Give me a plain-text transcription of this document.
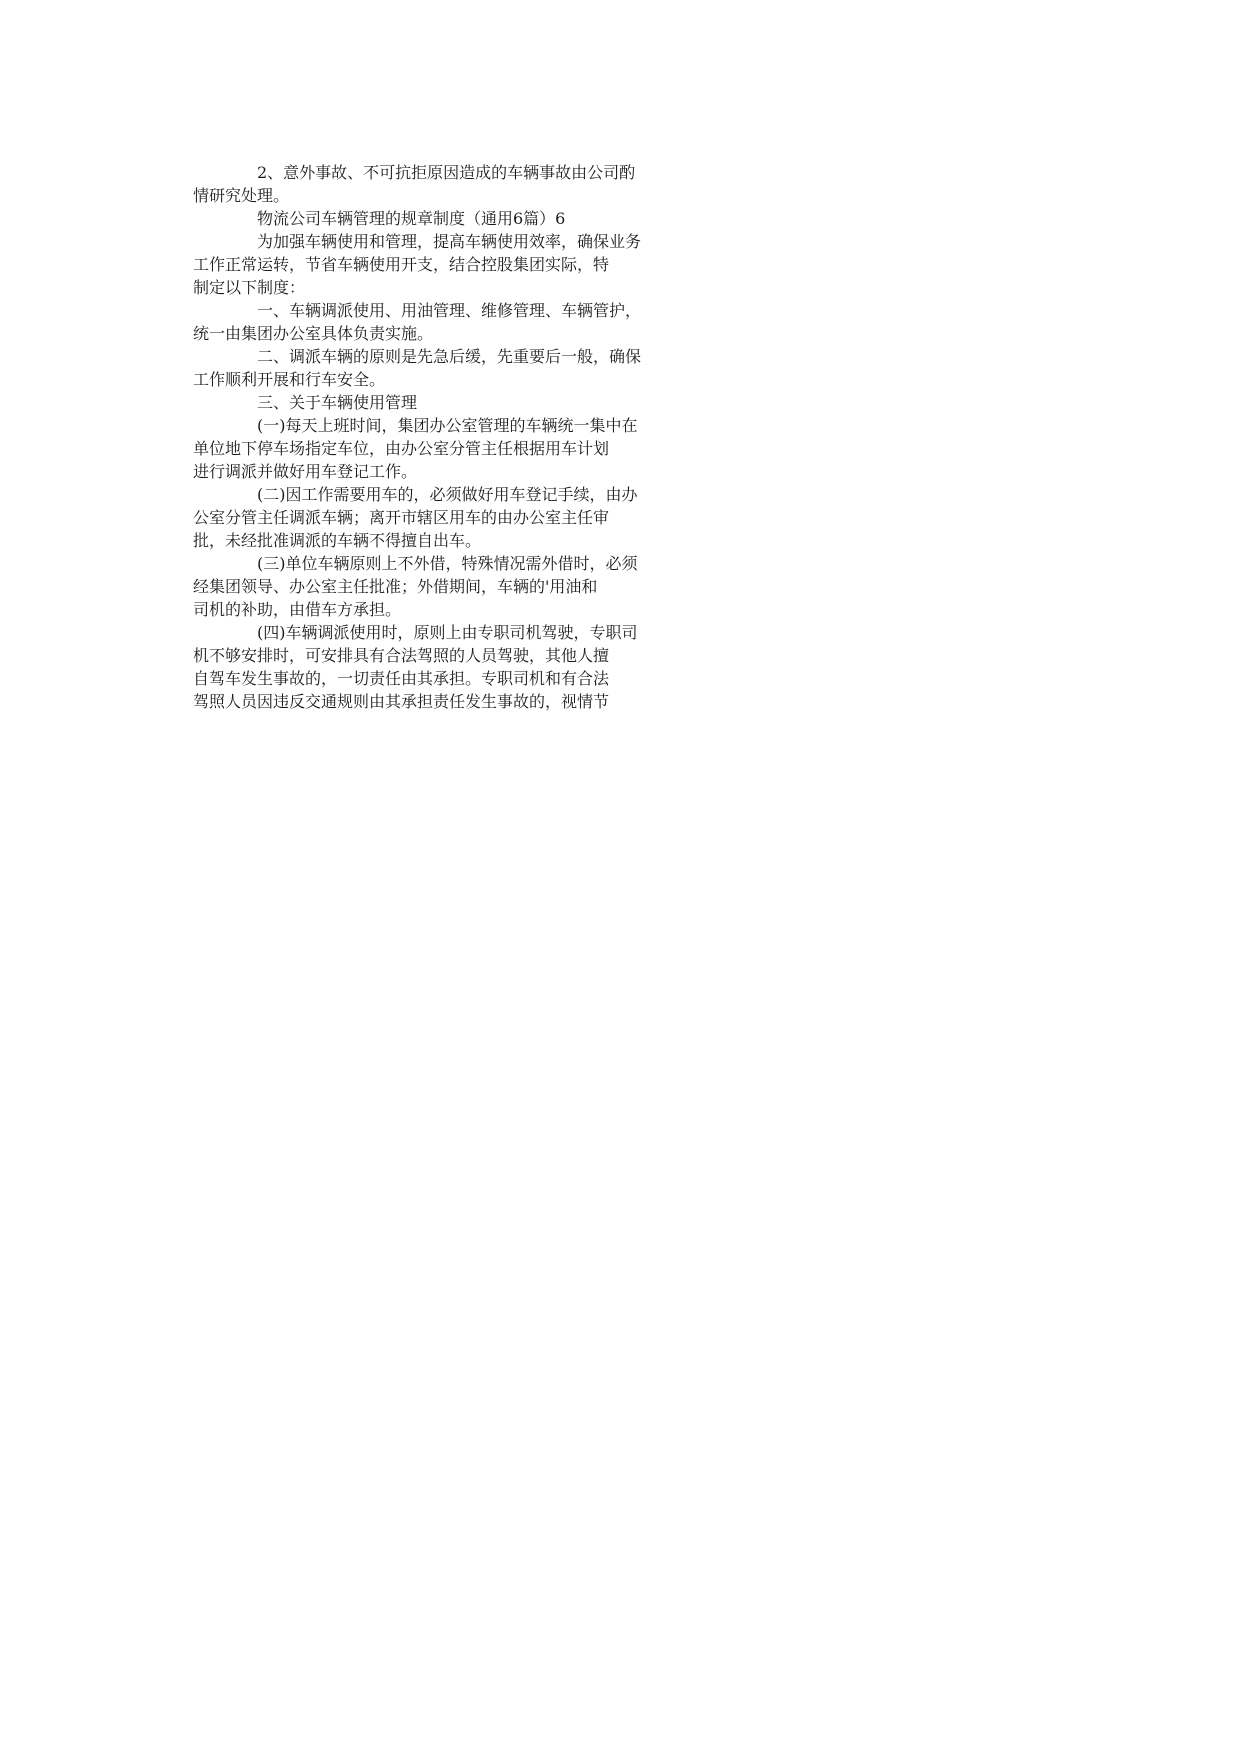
2、意外事故、不可抗拒原因造成的车辆事故由公司酌
情研究处理。
物流公司车辆管理的规章制度（通用6篇）6
为加强车辆使用和管理，提高车辆使用效率，确保业务
工作正常运转，节省车辆使用开支，结合控股集团实际，特
制定以下制度：
一、车辆调派使用、用油管理、维修管理、车辆管护，
统一由集团办公室具体负责实施。
二、调派车辆的原则是先急后缓，先重要后一般，确保
工作顺利开展和行车安全。
三、关于车辆使用管理
(一)每天上班时间，集团办公室管理的车辆统一集中在
单位地下停车场指定车位，由办公室分管主任根据用车计划
进行调派并做好用车登记工作。
(二)因工作需要用车的，必须做好用车登记手续，由办
公室分管主任调派车辆；离开市辖区用车的由办公室主任审
批，未经批准调派的车辆不得擅自出车。
(三)单位车辆原则上不外借，特殊情况需外借时，必须
经集团领导、办公室主任批准；外借期间，车辆的'用油和
司机的补助，由借车方承担。
(四)车辆调派使用时，原则上由专职司机驾驶，专职司
机不够安排时，可安排具有合法驾照的人员驾驶，其他人擅
自驾车发生事故的，一切责任由其承担。专职司机和有合法
驾照人员因违反交通规则由其承担责任发生事故的，视情节
